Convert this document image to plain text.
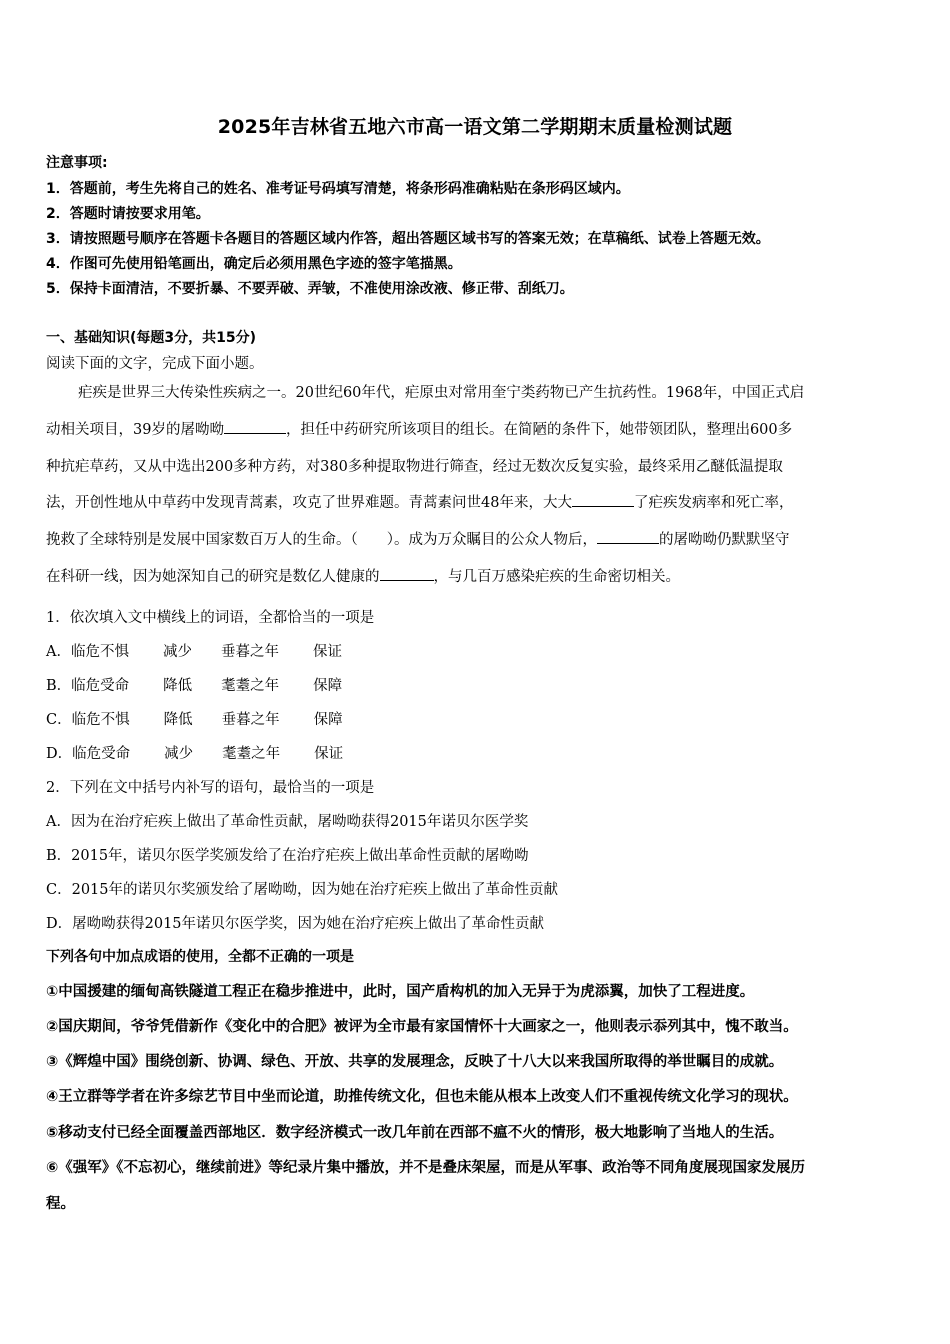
2025年吉林省五地六市高一语文第二学期期末质量检测试题
注意事项:
1．答题前，考生先将自己的姓名、准考证号码填写清楚，将条形码准确粘贴在条形码区域内。
2．答题时请按要求用笔。
3．请按照题号顺序在答题卡各题目的答题区域内作答，超出答题区域书写的答案无效；在草稿纸、试卷上答题无效。
4．作图可先使用铅笔画出，确定后必须用黑色字迹的签字笔描黑。
5．保持卡面清洁，不要折暴、不要弄破、弄皱，不准使用涂改液、修正带、刮纸刀。
一、基础知识(每题3分，共15分)
阅读下面的文字，完成下面小题。
疟疾是世界三大传染性疾病之一。20世纪60年代，疟原虫对常用奎宁类药物已产生抗药性。1968年，中国正式启
动相关项目，39岁的屠呦呦	，担任中药研究所该项目的组长。在简陋的条件下，她带领团队，整理出600多
种抗疟草药，又从中选出200多种方药，对380多种提取物进行筛查，经过无数次反复实验，最终采用乙醚低温提取
法，开创性地从中草药中发现青蒿素，攻克了世界难题。青蒿素问世48年来，大大	了疟疾发病率和死亡率，
挽救了全球特别是发展中国家数百万人的生命。（　　）。成为万众瞩目的公众人物后，	的屠呦呦仍默默坚守
在科研一线，因为她深知自己的研究是数亿人健康的	，与几百万感染疟疾的生命密切相关。
1．依次填入文中横线上的词语，全都恰当的一项是
A．临危不惧 减少 垂暮之年 保证
B．临危受命 降低 耄耋之年 保障
C．临危不惧 降低 垂暮之年 保障
D．临危受命 减少 耄耋之年 保证
2．下列在文中括号内补写的语句，最恰当的一项是
A．因为在治疗疟疾上做出了革命性贡献，屠呦呦获得2015年诺贝尔医学奖
B．2015年，诺贝尔医学奖颁发给了在治疗疟疾上做出革命性贡献的屠呦呦
C．2015年的诺贝尔奖颁发给了屠呦呦，因为她在治疗疟疾上做出了革命性贡献
D．屠呦呦获得2015年诺贝尔医学奖，因为她在治疗疟疾上做出了革命性贡献
下列各句中加点成语的使用，全都不正确的一项是
①中国援建的缅甸高铁隧道工程正在稳步推进中，此时，国产盾构机的加入无异于为虎添翼，加快了工程进度。
②国庆期间，爷爷凭借新作《变化中的合肥》被评为全市最有家国情怀十大画家之一，他则表示忝列其中，愧不敢当。
③《辉煌中国》围绕创新、协调、绿色、开放、共享的发展理念，反映了十八大以来我国所取得的举世瞩目的成就。
④王立群等学者在许多综艺节目中坐而论道，助推传统文化，但也未能从根本上改变人们不重视传统文化学习的现状。
⑤移动支付已经全面覆盖西部地区．数字经济模式一改几年前在西部不瘟不火的情形，极大地影响了当地人的生活。
⑥《强军》《不忘初心，继续前进》等纪录片集中播放，并不是叠床架屋，而是从军事、政治等不同角度展现国家发展历
程。
